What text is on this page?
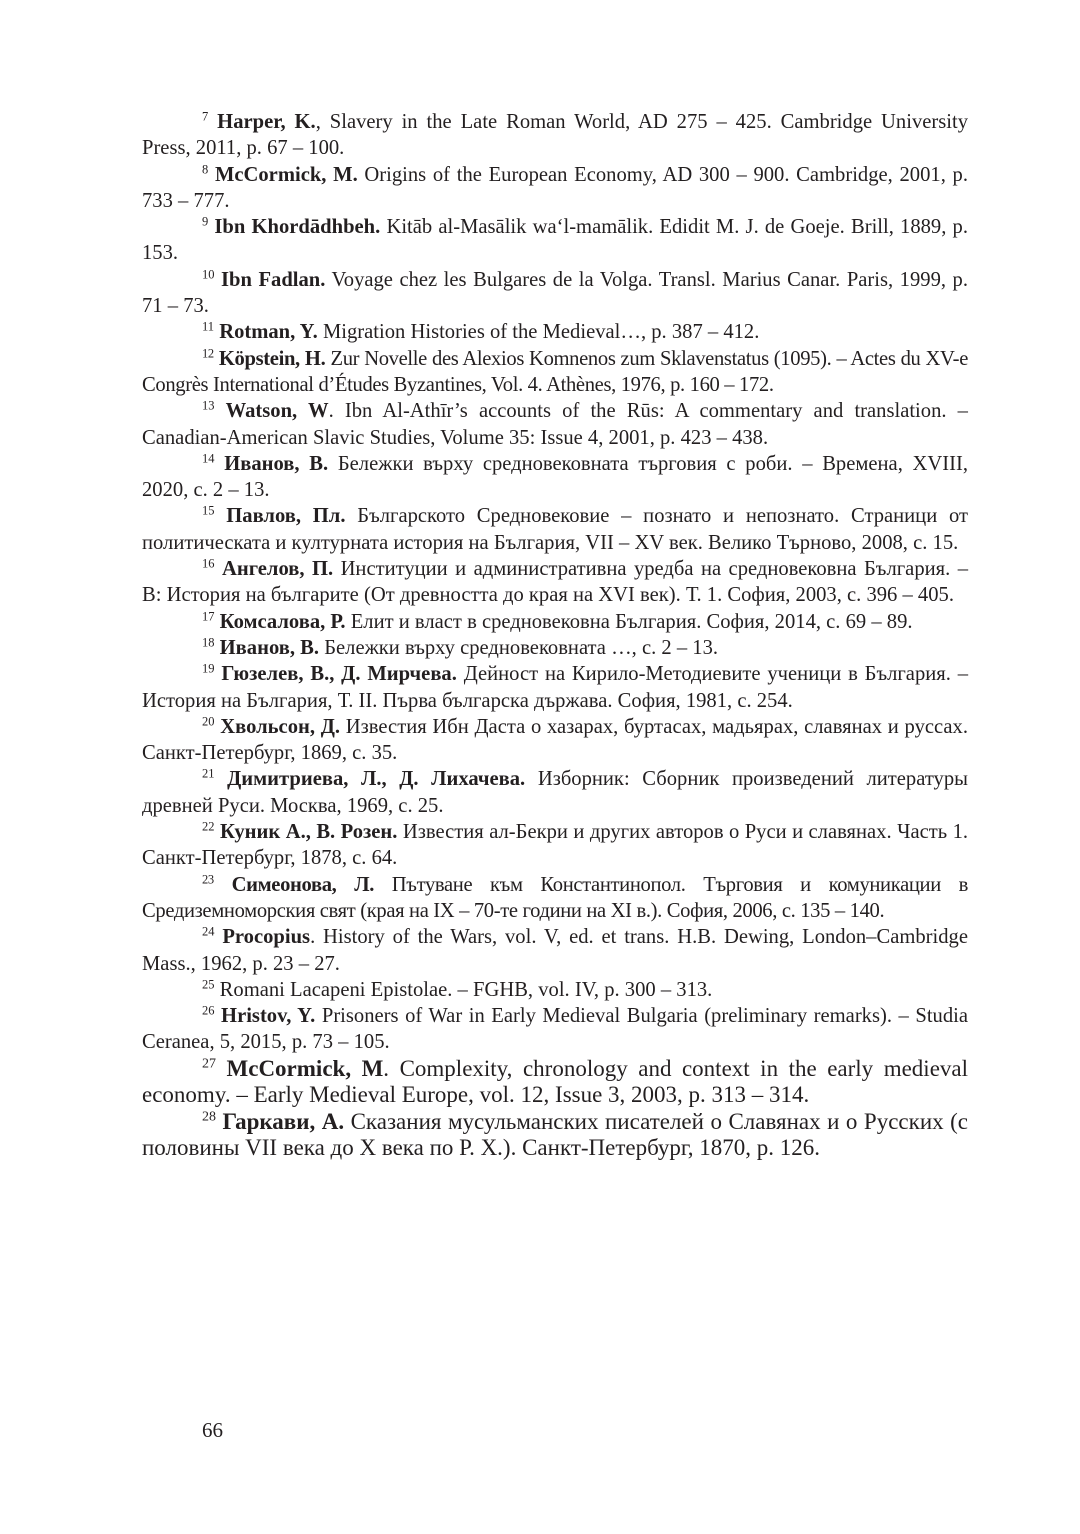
$^7$ Harper, K., Slavery in the Late Roman World, AD 275 – 425. Cambridge University Press, 2011, p. 67 – 100.

$^8$ McCormick, M. Origins of the European Economy, AD 300 – 900. Cambridge, 2001, p. 733 – 777.

$^9$ Ibn Khordādhbeh. Kitāb al-Masālik wa‘l-mamālik. Edidit M. J. de Goeje. Brill, 1889, p. 153.

$^{10}$ Ibn Fadlan. Voyage chez les Bulgares de la Volga. Transl. Marius Canar. Paris, 1999, p. 71 – 73.

$^{11}$ Rotman, Y. Migration Histories of the Medieval…, p. 387 – 412.

$^{12}$ Köpstein, H. Zur Novelle des Alexios Komnenos zum Sklavenstatus (1095). – Actes du XV-e Congrès International d’Études Byzantines, Vol. 4. Athènes, 1976, p. 160 – 172.

$^{13}$ Watson, W. Ibn Al-Athīr’s accounts of the Rūs: A commentary and translation. – Canadian-American Slavic Studies, Volume 35: Issue 4, 2001, p. 423 – 438.

$^{14}$ Иванов, В. Бележки върху средновековната търговия с роби. – Времена, XVIII, 2020, с. 2 – 13.

$^{15}$ Павлов, Пл. Българското Средновековие – познато и непознато. Страници от политическата и културната история на България, VII – XV век. Велико Търново, 2008, с. 15.

$^{16}$ Ангелов, П. Институции и административна уредба на средновековна България. – В: История на българите (От древността до края на XVI век). Т. 1. София, 2003, с. 396 – 405.

$^{17}$ Комсалова, Р. Елит и власт в средновековна България. София, 2014, с. 69 – 89.

$^{18}$ Иванов, В. Бележки върху средновековната …, с. 2 – 13.

$^{19}$ Гюзелев, В., Д. Мирчева. Дейност на Кирило-Методиевите ученици в България. – История на България, Т. II. Първа българска държава. София, 1981, с. 254.

$^{20}$ Хвольсон, Д. Известия Ибн Даста о хазарах, буртасах, мадьярах, славянах и руссах. Санкт-Петербург, 1869, с. 35.

$^{21}$ Димитриева, Л., Д. Лихачева. Изборник: Сборник произведений литературы древней Руси. Москва, 1969, с. 25.

$^{22}$ Куник А., В. Розен. Известия ал-Бекри и других авторов о Руси и славянах. Часть 1. Санкт-Петербург, 1878, с. 64.

$^{23}$ Симеонова, Л. Пътуване към Константинопол. Търговия и комуникации в Средиземноморския свят (края на IX – 70-те години на XI в.). София, 2006, с. 135 – 140.

$^{24}$ Procopius. History of the Wars, vol. V, ed. et trans. H.B. Dewing, London–Cambridge Mass., 1962, p. 23 – 27.

$^{25}$ Romani Lacapeni Epistolae. – FGHB, vol. IV, p. 300 – 313.

$^{26}$ Hristov, Y. Prisoners of War in Early Medieval Bulgaria (preliminary remarks). – Studia Ceranea, 5, 2015, p. 73 – 105.

$^{27}$ McCormick, M. Complexity, chronology and context in the early medieval economy. – Early Medieval Europe, vol. 12, Issue 3, 2003, p. 313 – 314.

$^{28}$ Гаркави, А. Сказания мусульманских писателей о Славянах и о Русских (с половины VII века до X века по Р. Х.). Санкт-Петербург, 1870, р. 126.

66
